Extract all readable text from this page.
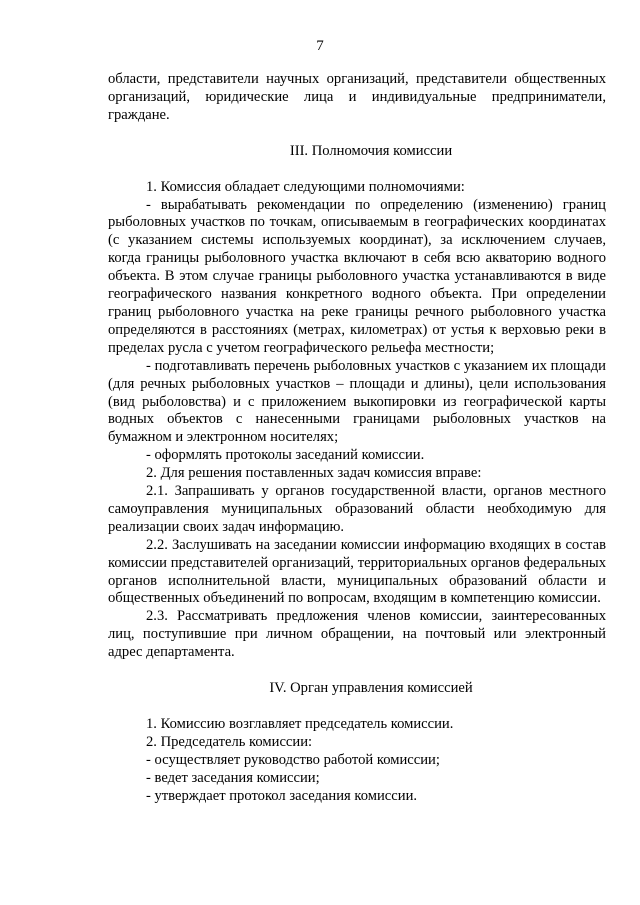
7

области, представители научных организаций, представители общественных организаций, юридические лица и индивидуальные предприниматели, граждане.

III. Полномочия комиссии

1. Комиссия обладает следующими полномочиями:

- вырабатывать рекомендации по определению (изменению) границ рыболовных участков по точкам, описываемым в географических координатах (с указанием системы используемых координат), за исключением случаев, когда границы рыболовного участка включают в себя всю акваторию водного объекта. В этом случае границы рыболовного участка устанавливаются в виде географического названия конкретного водного объекта. При определении границ рыболовного участка на реке границы речного рыболовного участка определяются в расстояниях (метрах, километрах) от устья к верховью реки в пределах русла с учетом географического рельефа местности;

- подготавливать перечень рыболовных участков с указанием их площади (для речных рыболовных участков – площади и длины), цели использования (вид рыболовства) и с приложением выкопировки из географической карты водных объектов с нанесенными границами рыболовных участков на бумажном и электронном носителях;

- оформлять протоколы заседаний комиссии.

2. Для решения поставленных задач комиссия вправе:

2.1. Запрашивать у органов государственной власти, органов местного самоуправления муниципальных образований области необходимую для реализации своих задач информацию.

2.2. Заслушивать на заседании комиссии информацию входящих в состав комиссии представителей организаций, территориальных органов федеральных органов исполнительной власти, муниципальных образований области и общественных объединений по вопросам, входящим в компетенцию комиссии.

2.3. Рассматривать предложения членов комиссии, заинтересованных лиц, поступившие при личном обращении, на почтовый или электронный адрес департамента.

IV. Орган управления комиссией

1. Комиссию возглавляет председатель комиссии.

2. Председатель комиссии:

- осуществляет руководство работой комиссии;

- ведет заседания комиссии;

- утверждает протокол заседания комиссии.
